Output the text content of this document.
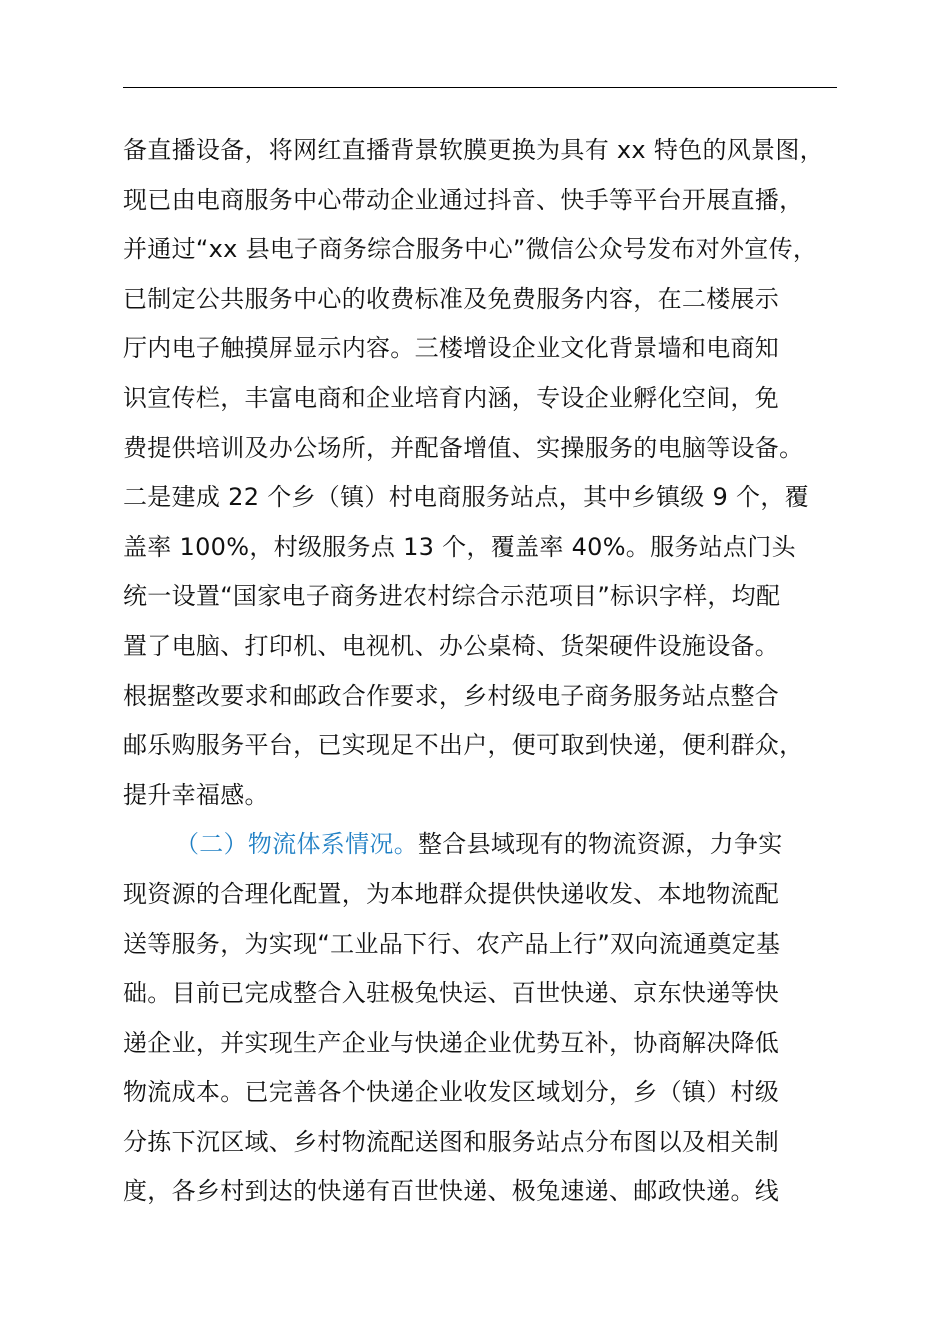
备直播设备，将网红直播背景软膜更换为具有 xx 特色的风景图，
现已由电商服务中心带动企业通过抖音、快手等平台开展直播，
并通过“xx 县电子商务综合服务中心”微信公众号发布对外宣传，
已制定公共服务中心的收费标准及免费服务内容，在二楼展示
厅内电子触摸屏显示内容。三楼增设企业文化背景墙和电商知
识宣传栏，丰富电商和企业培育内涵，专设企业孵化空间，免
费提供培训及办公场所，并配备增值、实操服务的电脑等设备。
二是建成 22 个乡（镇）村电商服务站点，其中乡镇级 9 个，覆
盖率 100%，村级服务点 13 个，覆盖率 40%。服务站点门头
统一设置“国家电子商务进农村综合示范项目”标识字样，均配
置了电脑、打印机、电视机、办公桌椅、货架硬件设施设备。
根据整改要求和邮政合作要求，乡村级电子商务服务站点整合
邮乐购服务平台，已实现足不出户，便可取到快递，便利群众，
提升幸福感。
（二）物流体系情况。整合县域现有的物流资源，力争实
现资源的合理化配置，为本地群众提供快递收发、本地物流配
送等服务，为实现“工业品下行、农产品上行”双向流通奠定基
础。目前已完成整合入驻极兔快运、百世快递、京东快递等快
递企业，并实现生产企业与快递企业优势互补，协商解决降低
物流成本。已完善各个快递企业收发区域划分，乡（镇）村级
分拣下沉区域、乡村物流配送图和服务站点分布图以及相关制
度，各乡村到达的快递有百世快递、极兔速递、邮政快递。线
